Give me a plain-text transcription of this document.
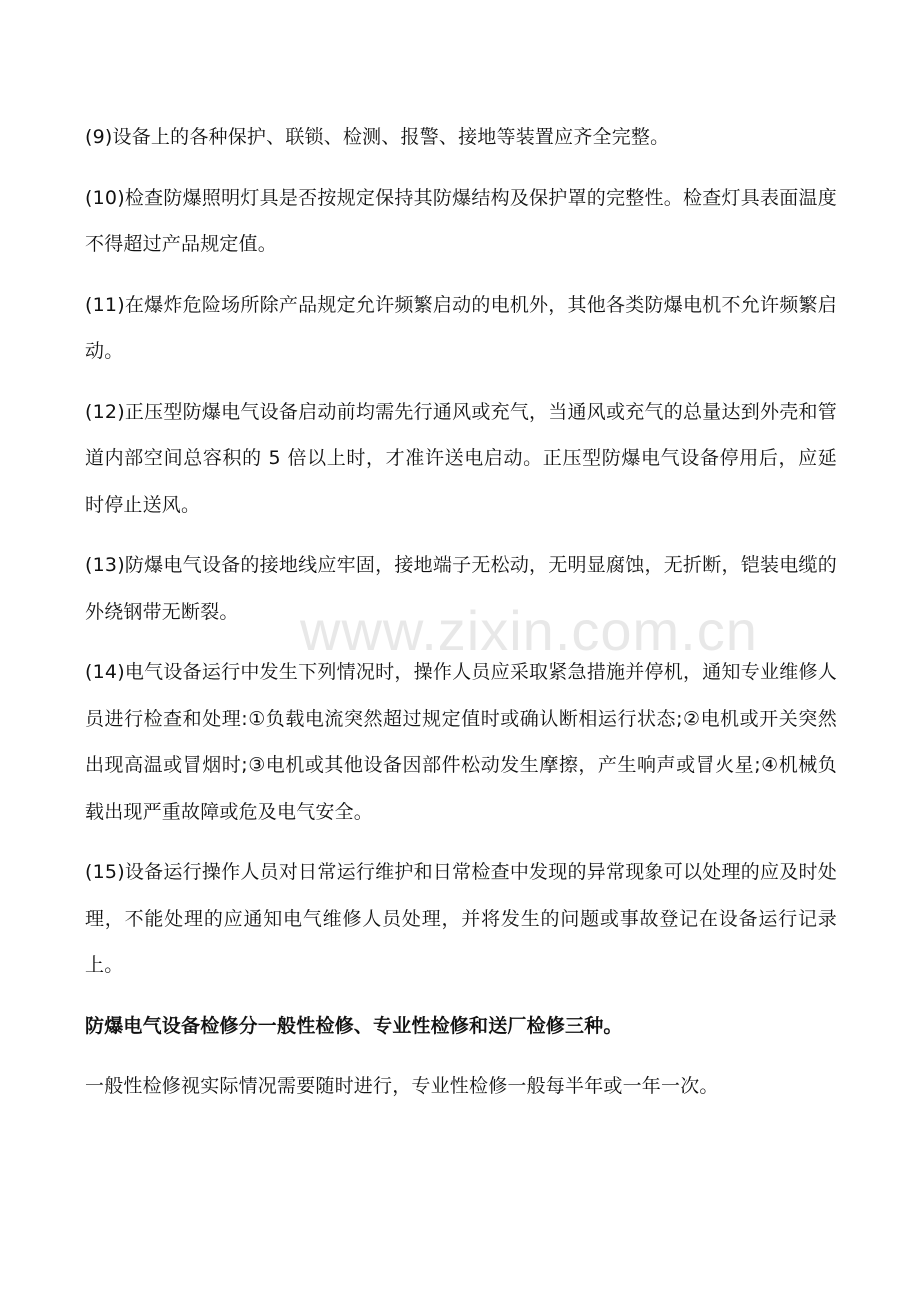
(9)设备上的各种保护、联锁、检测、报警、接地等装置应齐全完整。

(10)检查防爆照明灯具是否按规定保持其防爆结构及保护罩的完整性。检查灯具表面温度不得超过产品规定值。

(11)在爆炸危险场所除产品规定允许频繁启动的电机外，其他各类防爆电机不允许频繁启动。

(12)正压型防爆电气设备启动前均需先行通风或充气，当通风或充气的总量达到外壳和管道内部空间总容积的 5 倍以上时，才准许送电启动。正压型防爆电气设备停用后，应延时停止送风。

(13)防爆电气设备的接地线应牢固，接地端子无松动，无明显腐蚀，无折断，铠装电缆的外绕钢带无断裂。

(14)电气设备运行中发生下列情况时，操作人员应采取紧急措施并停机，通知专业维修人员进行检查和处理:①负载电流突然超过规定值时或确认断相运行状态;②电机或开关突然出现高温或冒烟时;③电机或其他设备因部件松动发生摩擦，产生响声或冒火星;④机械负载出现严重故障或危及电气安全。

(15)设备运行操作人员对日常运行维护和日常检查中发现的异常现象可以处理的应及时处理，不能处理的应通知电气维修人员处理，并将发生的问题或事故登记在设备运行记录上。

防爆电气设备检修分一般性检修、专业性检修和送厂检修三种。

一般性检修视实际情况需要随时进行，专业性检修一般每半年或一年一次。

www.zixin.com.cn
